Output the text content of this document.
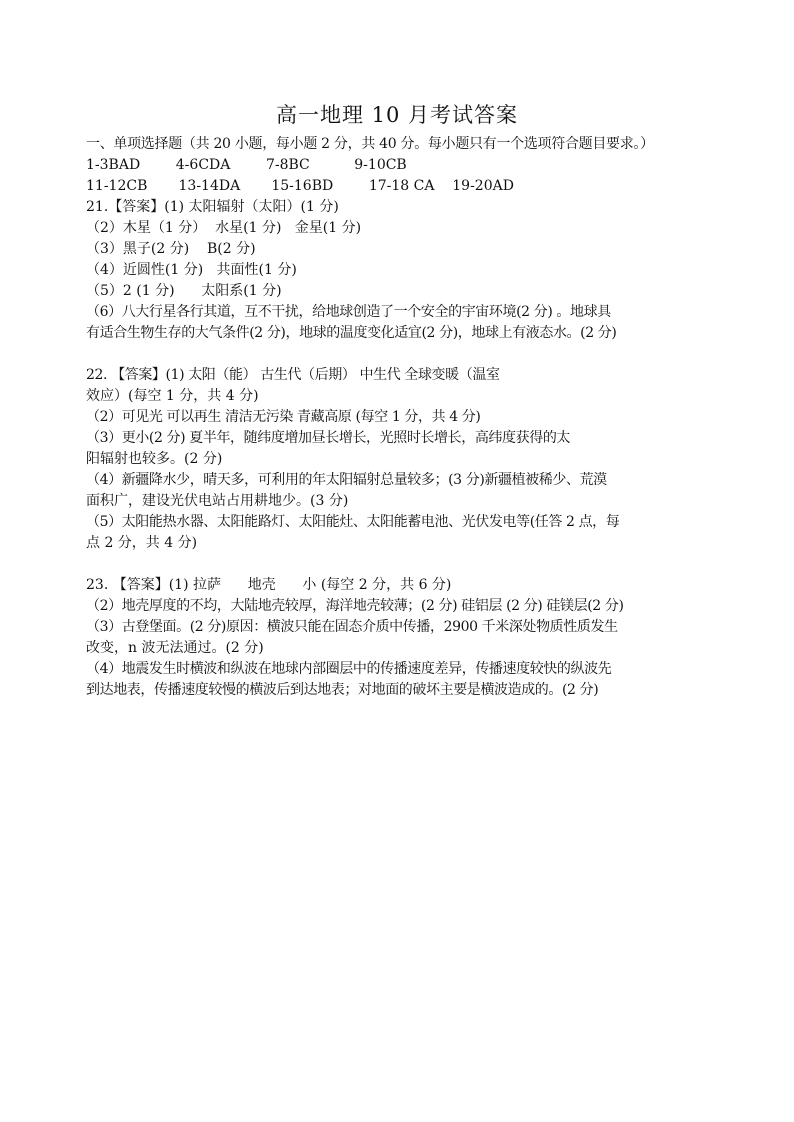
高一地理 10 月考试答案
一、单项选择题（共 20 小题，每小题 2 分，共 40 分。每小题只有一个选项符合题目要求。）
1-3BAD        4-6CDA        7-8BC          9-10CB
11-12CB       13-14DA       15-16BD        17-18 CA    19-20AD
21.【答案】(1) 太阳辐射（太阳）(1 分)
（2）木星（1 分）  水星(1 分)   金星(1 分)
（3）黑子(2 分)    B(2 分)
（4）近圆性(1 分)   共面性(1 分)
（5）2 (1 分)      太阳系(1 分)
（6）八大行星各行其道，互不干扰，给地球创造了一个安全的宇宙环境(2 分) 。地球具
有适合生物生存的大气条件(2 分)，地球的温度变化适宜(2 分)，地球上有液态水。(2 分)
22. 【答案】(1) 太阳（能） 古生代（后期） 中生代 全球变暖（温室
效应）(每空 1 分，共 4 分)
（2）可见光 可以再生 清洁无污染 青藏高原 (每空 1 分，共 4 分)
（3）更小(2 分) 夏半年，随纬度增加昼长增长，光照时长增长，高纬度获得的太
阳辐射也较多。(2 分)
（4）新疆降水少，晴天多，可利用的年太阳辐射总量较多；(3 分)新疆植被稀少、荒漠
面积广，建设光伏电站占用耕地少。(3 分)
（5）太阳能热水器、太阳能路灯、太阳能灶、太阳能蓄电池、光伏发电等(任答 2 点，每
点 2 分，共 4 分)
23. 【答案】(1) 拉萨      地壳      小 (每空 2 分，共 6 分)
（2）地壳厚度的不均，大陆地壳较厚，海洋地壳较薄；(2 分) 硅铝层 (2 分) 硅镁层(2 分)
（3）古登堡面。(2 分)原因：横波只能在固态介质中传播，2900 千米深处物质性质发生
改变，n 波无法通过。(2 分)
（4）地震发生时横波和纵波在地球内部圈层中的传播速度差异，传播速度较快的纵波先
到达地表，传播速度较慢的横波后到达地表；对地面的破坏主要是横波造成的。(2 分)
